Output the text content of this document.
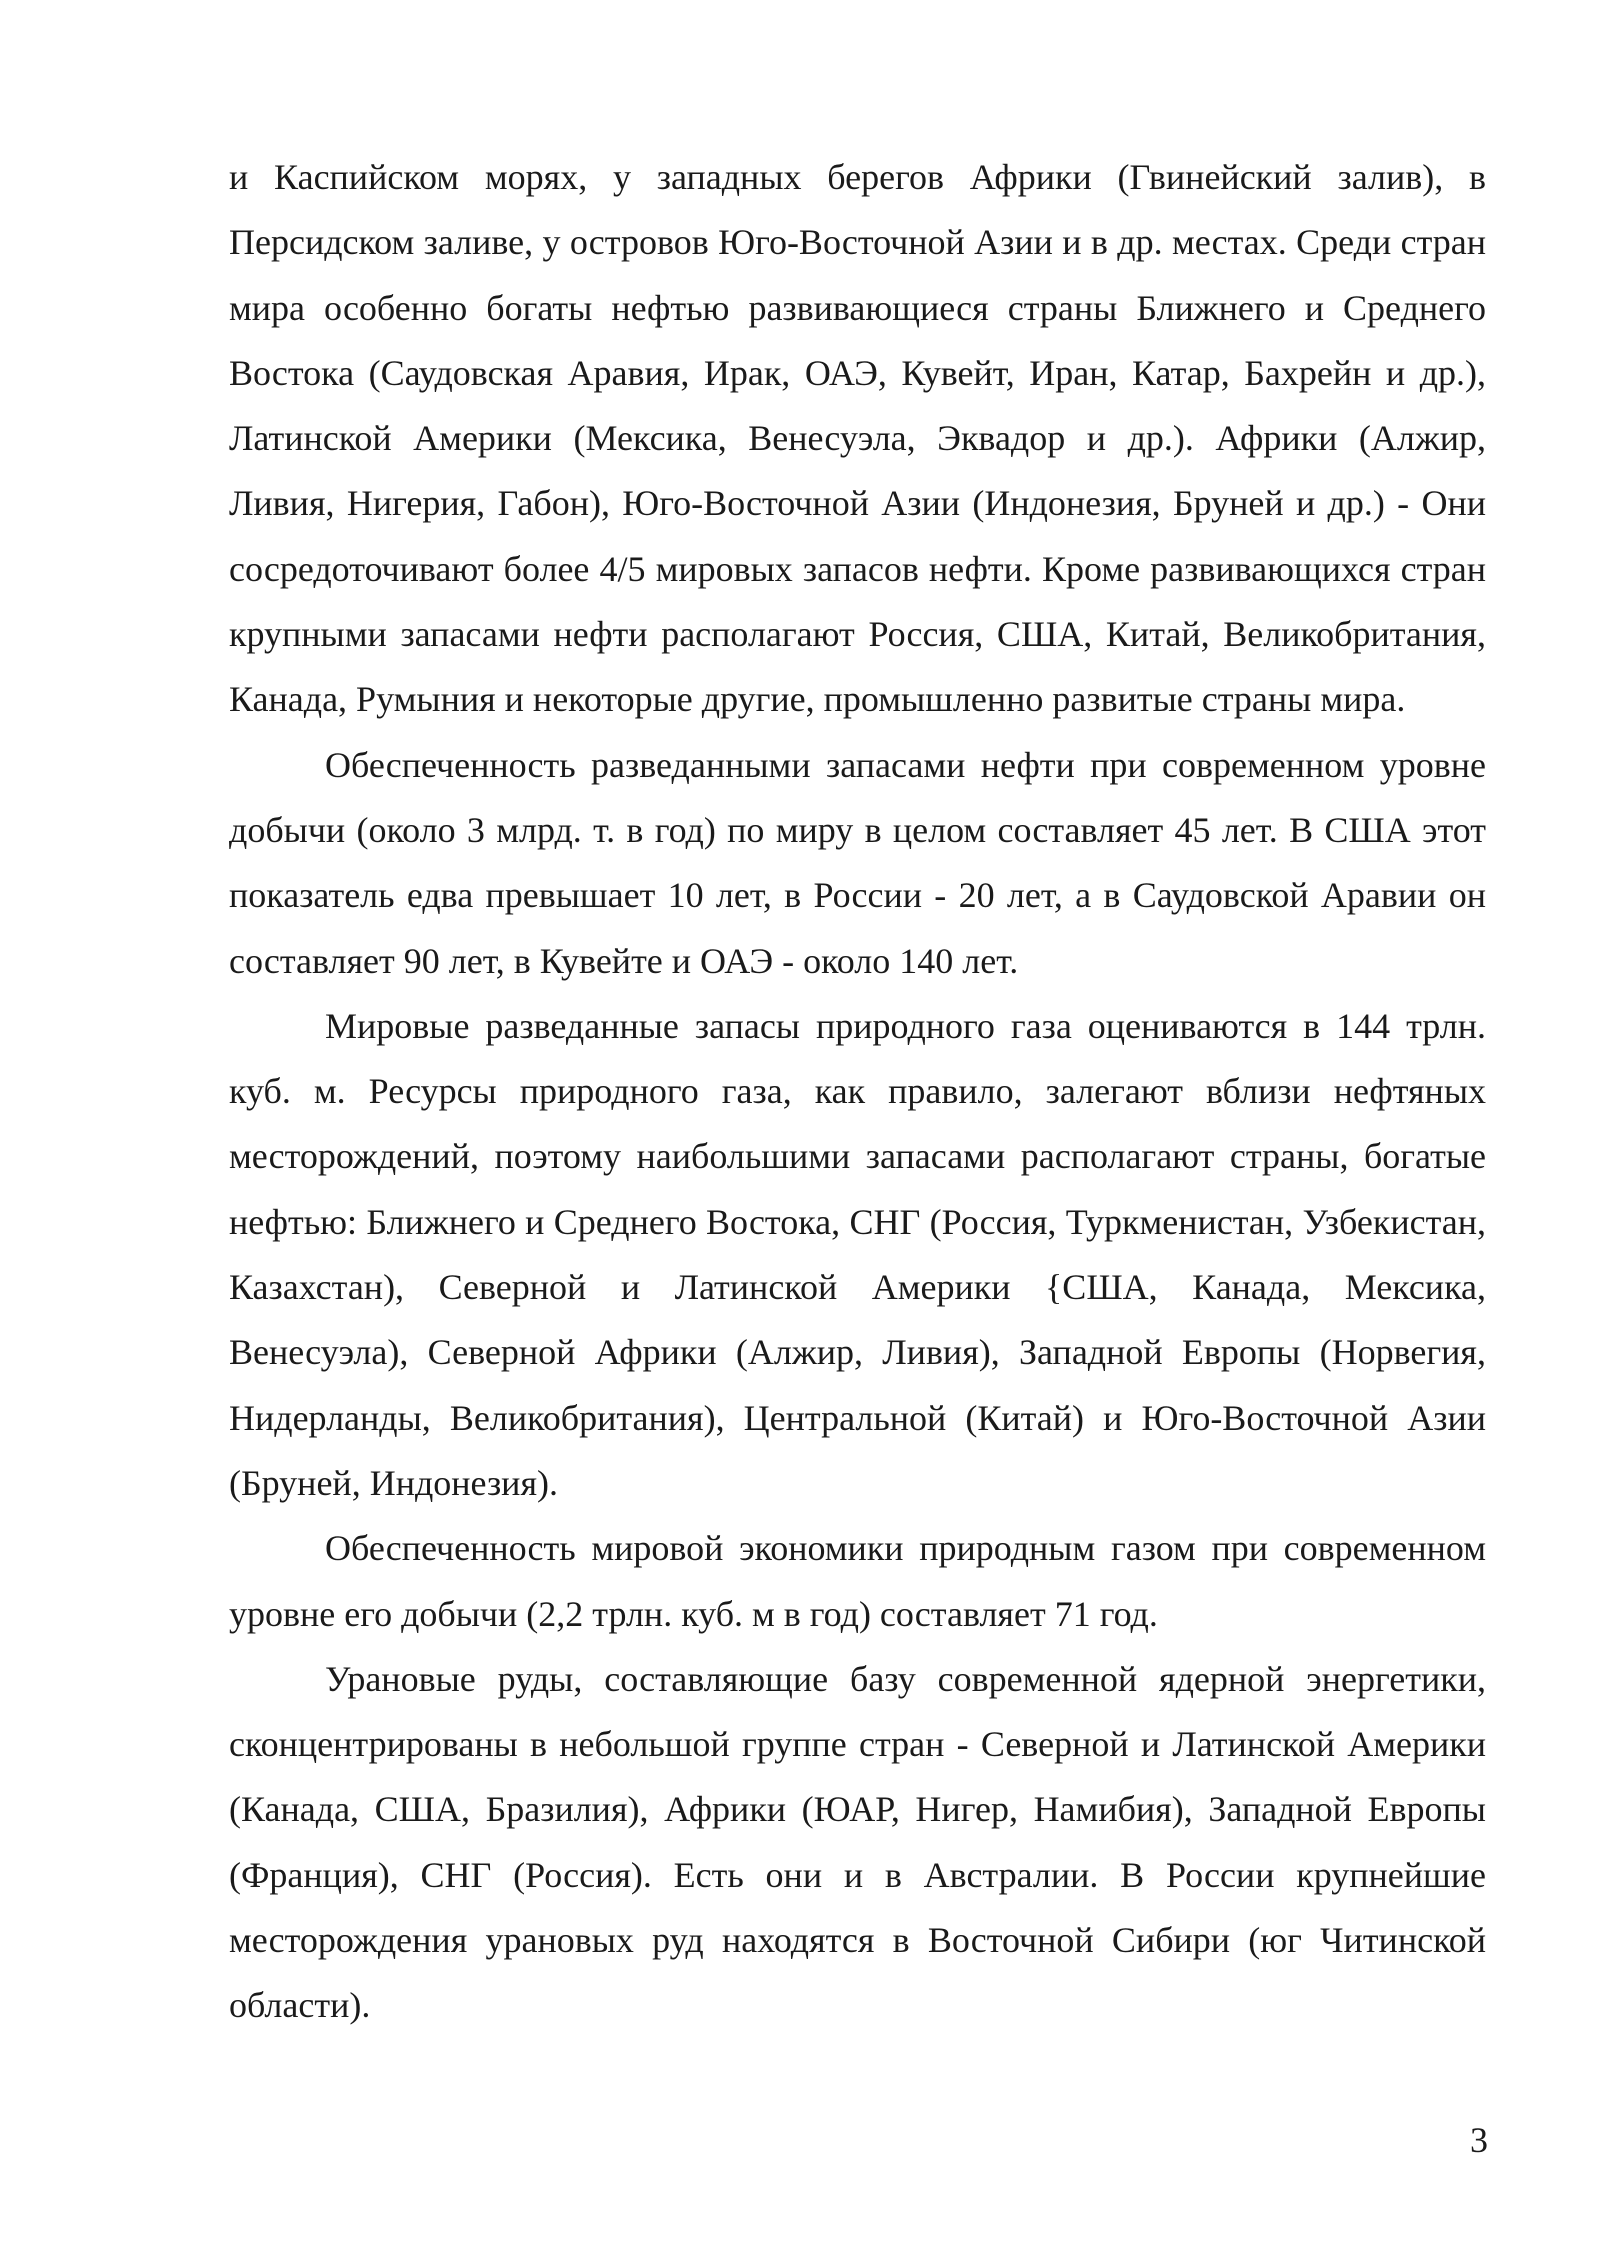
и Каспийском морях, у западных берегов Африки (Гвинейский залив), в Персидском заливе, у островов Юго-Восточной Азии и в др. местах. Среди стран мира особенно богаты нефтью развивающиеся страны Ближнего и Среднего Востока (Саудовская Аравия, Ирак, ОАЭ, Кувейт, Иран, Катар, Бахрейн и др.), Латинской Америки (Мексика, Венесуэла, Эквадор и др.). Африки (Алжир, Ливия, Нигерия, Габон), Юго-Восточной Азии (Индонезия, Бруней и др.) - Они сосредоточивают более 4/5 мировых запасов нефти. Кроме развивающихся стран крупными запасами нефти располагают Россия, США, Китай, Великобритания, Канада, Румыния и некоторые другие, промышленно развитые страны мира.

Обеспеченность разведанными запасами нефти при современном уровне добычи (около 3 млрд. т. в год) по миру в целом составляет 45 лет. В США этот показатель едва превышает 10 лет, в России - 20 лет, а в Саудовской Аравии он составляет 90 лет, в Кувейте и ОАЭ - около 140 лет.

Мировые разведанные запасы природного газа оцениваются в 144 трлн. куб. м. Ресурсы природного газа, как правило, залегают вблизи нефтяных месторождений, поэтому наибольшими запасами располагают страны, богатые нефтью: Ближнего и Среднего Востока, СНГ (Россия, Туркменистан, Узбекистан, Казахстан), Северной и Латинской Америки {США, Канада, Мексика, Венесуэла), Северной Африки (Алжир, Ливия), Западной Европы (Норвегия, Нидерланды, Великобритания), Центральной (Китай) и Юго-Восточной Азии (Бруней, Индонезия).

Обеспеченность мировой экономики природным газом при современном уровне его добычи (2,2 трлн. куб. м в год) составляет 71 год.

Урановые руды, составляющие базу современной ядерной энергетики, сконцентрированы в небольшой группе стран - Северной и Латинской Америки (Канада, США, Бразилия), Африки (ЮАР, Нигер, Намибия), Западной Европы (Франция), СНГ (Россия). Есть они и в Австралии. В России крупнейшие месторождения урановых руд находятся в Восточной Сибири (юг Читинской области).

3
